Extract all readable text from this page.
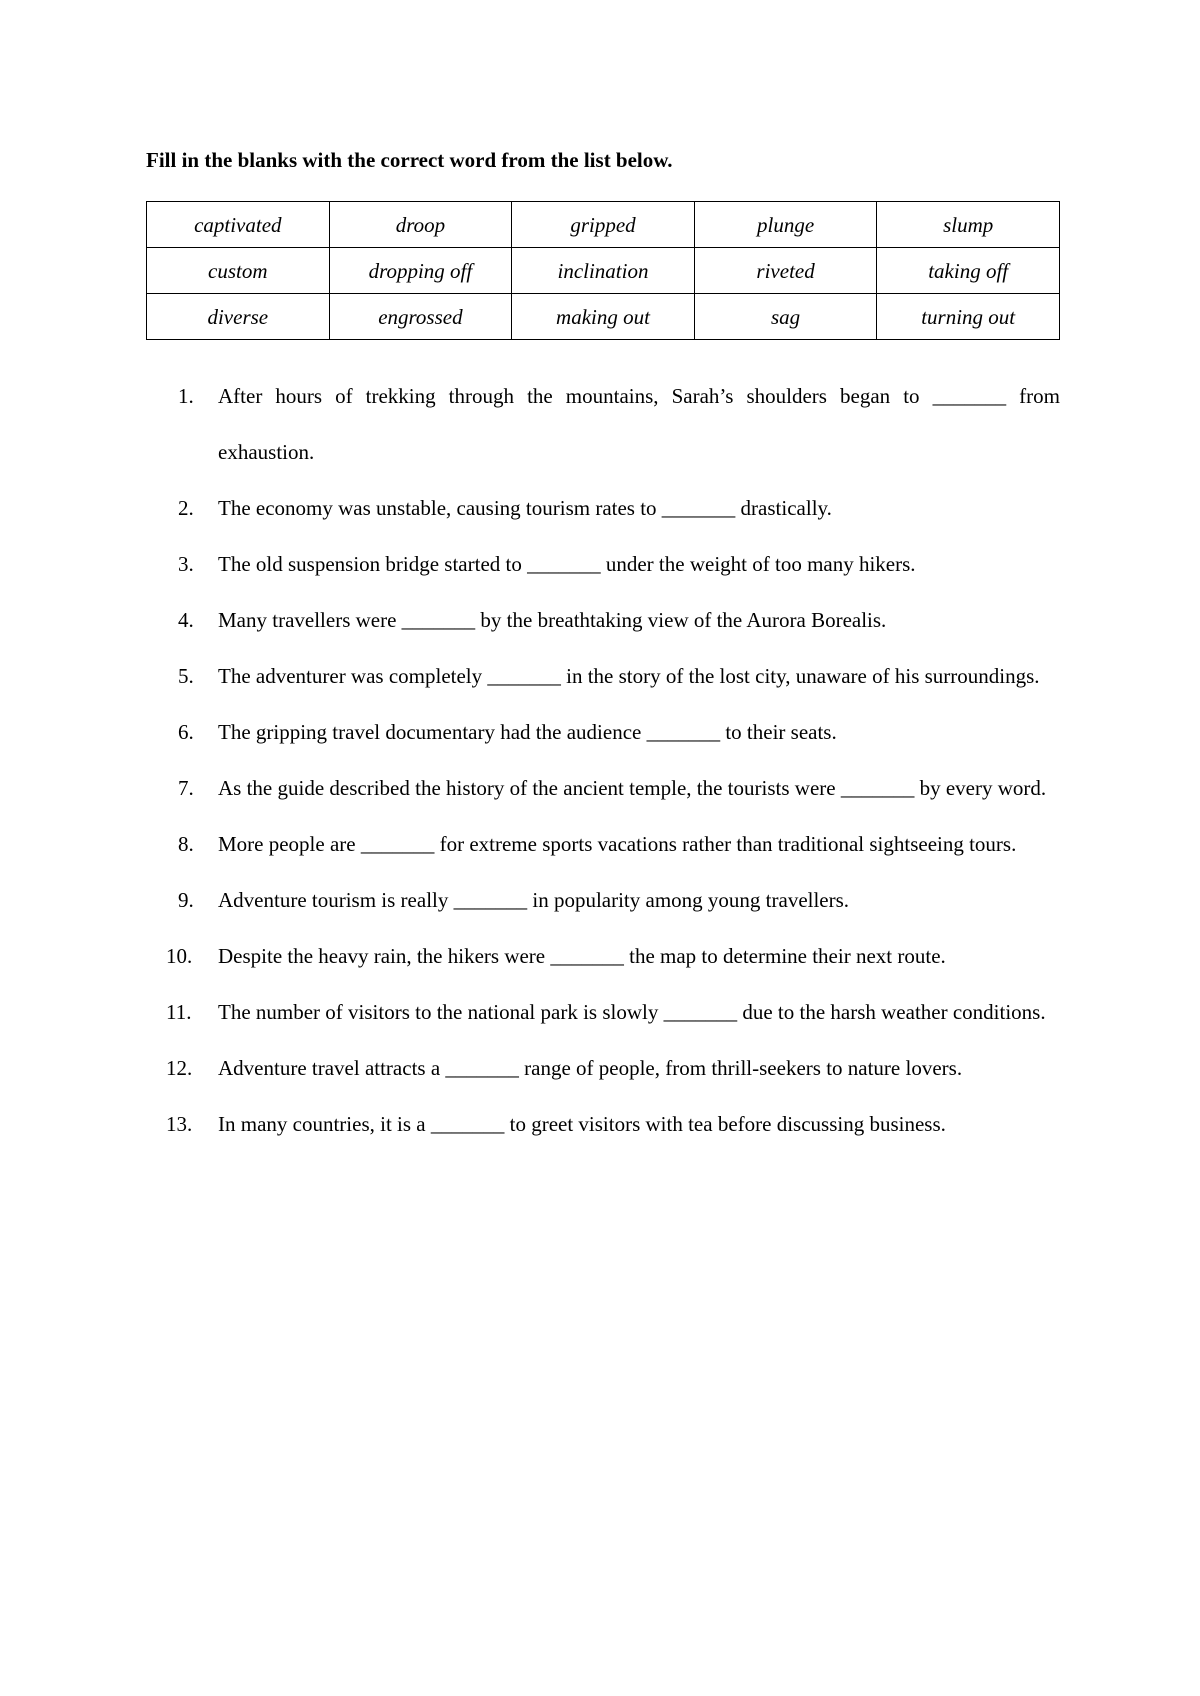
Fill in the blanks with the correct word from the list below.

captivated	droop	gripped	plunge	slump
custom	dropping off	inclination	riveted	taking off
diverse	engrossed	making out	sag	turning out
1.	After hours of trekking through the mountains, Sarah’s shoulders began to _______ from exhaustion.
2.	The economy was unstable, causing tourism rates to _______ drastically.
3.	The old suspension bridge started to _______ under the weight of too many hikers.
4.	Many travellers were _______ by the breathtaking view of the Aurora Borealis.
5.	The adventurer was completely _______ in the story of the lost city, unaware of his surroundings.
6.	The gripping travel documentary had the audience _______ to their seats.
7.	As the guide described the history of the ancient temple, the tourists were _______ by every word.
8.	More people are _______ for extreme sports vacations rather than traditional sightseeing tours.
9.	Adventure tourism is really _______ in popularity among young travellers.
10.	Despite the heavy rain, the hikers were _______ the map to determine their next route.
11.	The number of visitors to the national park is slowly _______ due to the harsh weather conditions.
12.	Adventure travel attracts a _______ range of people, from thrill-seekers to nature lovers.
13.	In many countries, it is a _______ to greet visitors with tea before discussing business.
